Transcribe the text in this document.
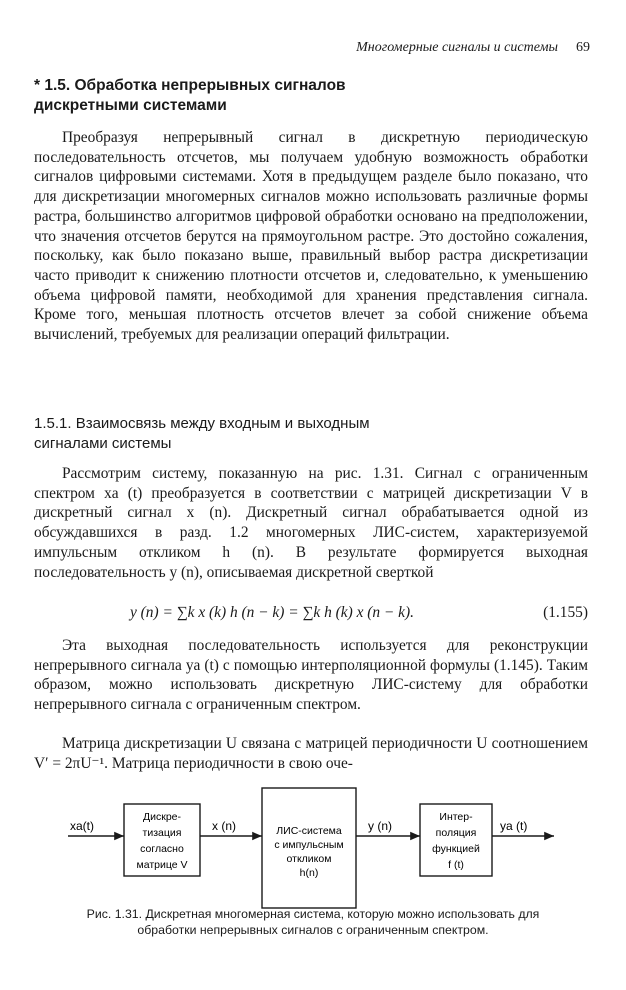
Многомерные сигналы и системы 69
* 1.5. Обработка непрерывных сигналов
дискретными системами

Преобразуя непрерывный сигнал в дискретную периодическую последовательность отсчетов, мы получаем удобную возможность обработки сигналов цифровыми системами. Хотя в предыдущем разделе было показано, что для дискретизации многомерных сигналов можно использовать различные формы растра, большинство алгоритмов цифровой обработки основано на предположении, что значения отсчетов берутся на прямоугольном растре. Это достойно сожаления, поскольку, как было показано выше, правильный выбор растра дискретизации часто приводит к снижению плотности отсчетов и, следовательно, к уменьшению объема цифровой памяти, необходимой для хранения представления сигнала. Кроме того, меньшая плотность отсчетов влечет за собой снижение объема вычислений, требуемых для реализации операций фильтрации.

1.5.1. Взаимосвязь между входным и выходным
сигналами системы

Рассмотрим систему, показанную на рис. 1.31. Сигнал с ограниченным спектром xa (t) преобразуется в соответствии с матрицей дискретизации V в дискретный сигнал x (n). Дискретный сигнал обрабатывается одной из обсуждавшихся в разд. 1.2 многомерных ЛИС-систем, характеризуемой импульсным откликом h (n). В результате формируется выходная последовательность y (n), описываемая дискретной сверткой

y (n) = ∑k x (k) h (n − k) = ∑k h (k) x (n − k).	(1.155)

Эта выходная последовательность используется для реконструкции непрерывного сигнала ya (t) с помощью интерполяционной формулы (1.145). Таким образом, можно использовать дискретную ЛИС-систему для обработки непрерывного сигнала с ограниченным спектром.

Матрица дискретизации U связана с матрицей периодичности U соотношением V′ = 2πU⁻¹. Матрица периодичности в свою оче-

xa(t)
Дискре-
тизация
согласно
матрице V
x (n)	ЛИС-система
с импульсным
откликом
h(n)
y (n)
Интер-
поляция
функцией
f (t)
ya (t)
Рис. 1.31. Дискретная многомерная система, которую можно использовать для
обработки непрерывных сигналов с ограниченным спектром.
